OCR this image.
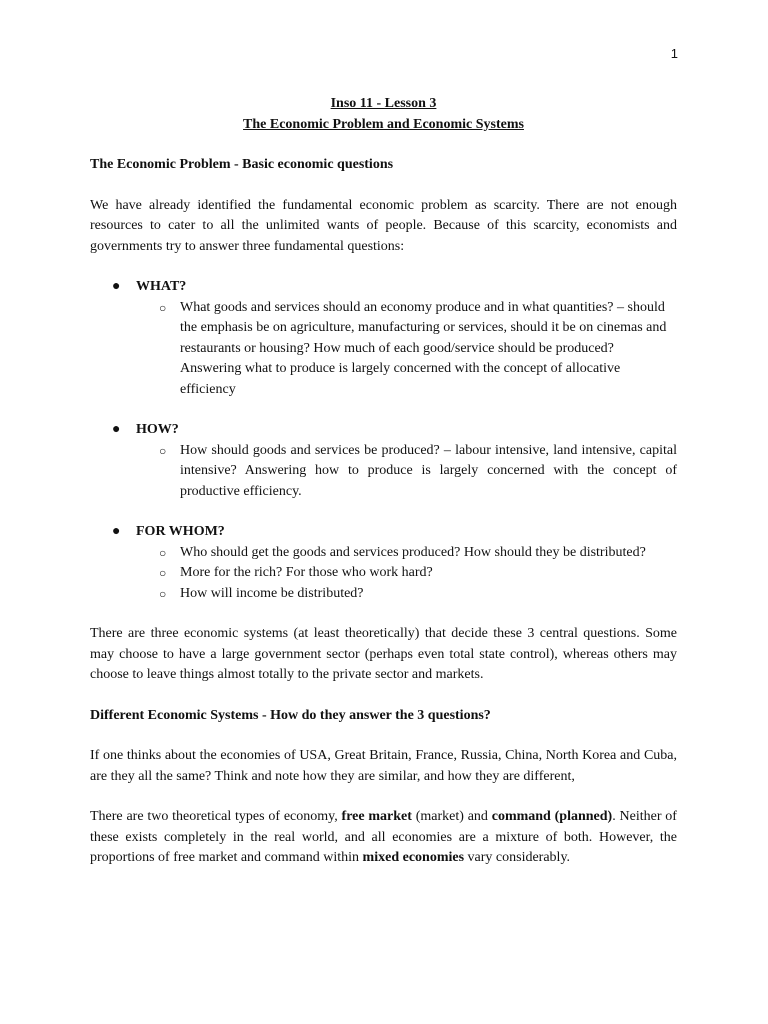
1
Inso 11 - Lesson 3
The Economic Problem and Economic Systems
The Economic Problem - Basic economic questions

We have already identified the fundamental economic problem as scarcity. There are not enough resources to cater to all the unlimited wants of people. Because of this scarcity, economists and governments try to answer three fundamental questions:

● WHAT?
○ What goods and services should an economy produce and in what quantities? – should the emphasis be on agriculture, manufacturing or services, should it be on cinemas and restaurants or housing? How much of each good/service should be produced? Answering what to produce is largely concerned with the concept of allocative efficiency
● HOW?
○ How should goods and services be produced? – labour intensive, land intensive, capital intensive? Answering how to produce is largely concerned with the concept of productive efficiency.
● FOR WHOM?
○ Who should get the goods and services produced? How should they be distributed?
○ More for the rich? For those who work hard?
○ How will income be distributed?

There are three economic systems (at least theoretically) that decide these 3 central questions. Some may choose to have a large government sector (perhaps even total state control), whereas others may choose to leave things almost totally to the private sector and markets.

Different Economic Systems - How do they answer the 3 questions?

If one thinks about the economies of USA, Great Britain, France, Russia, China, North Korea and Cuba, are they all the same? Think and note how they are similar, and how they are different,

There are two theoretical types of economy, free market (market) and command (planned). Neither of these exists completely in the real world, and all economies are a mixture of both. However, the proportions of free market and command within mixed economies vary considerably.
